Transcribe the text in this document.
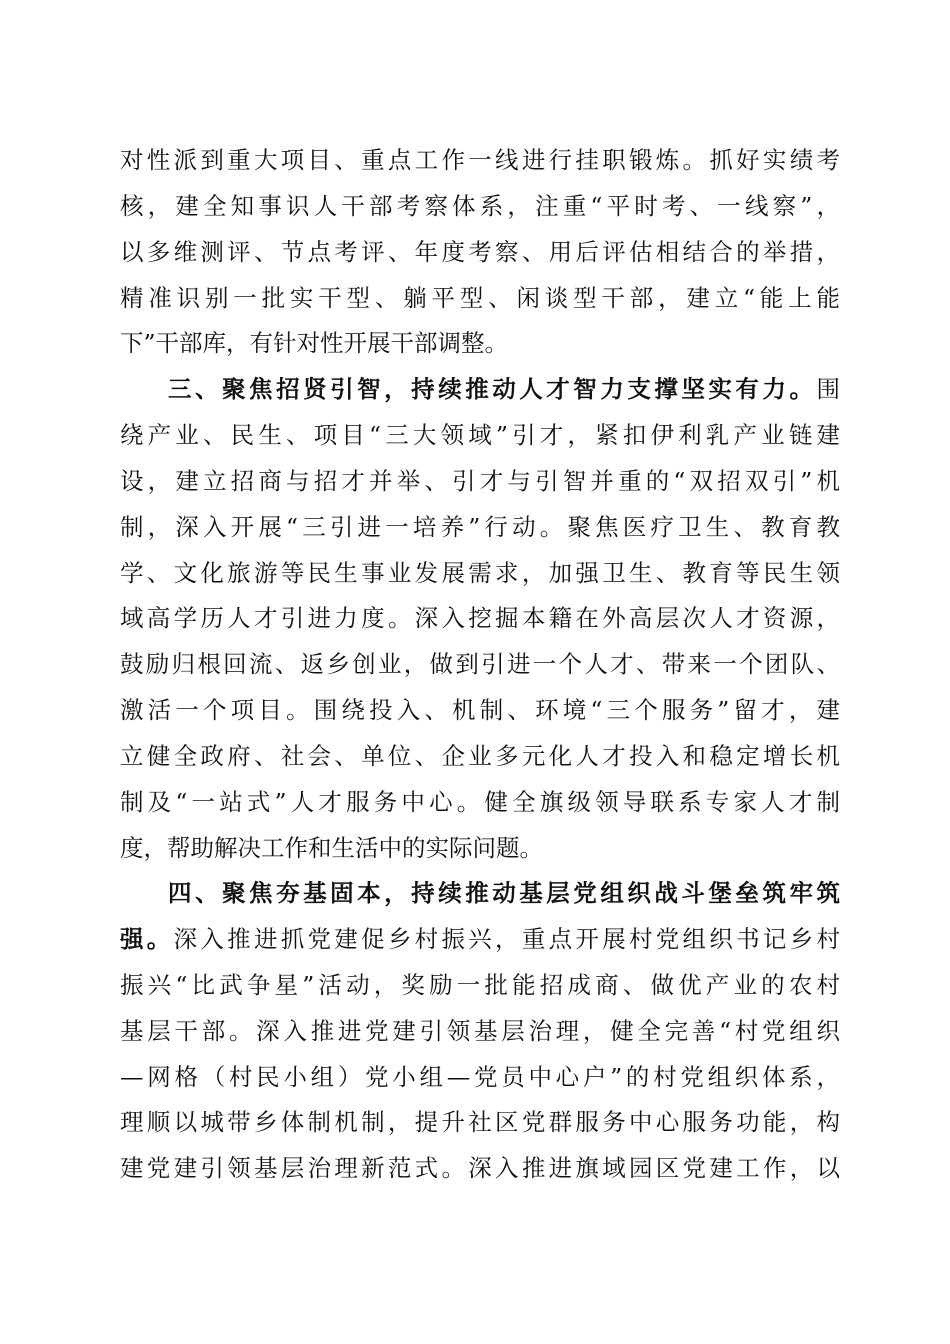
对性派到重大项目、重点工作一线进行挂职锻炼。抓好实绩考

核，建全知事识人干部考察体系，注重“平时考、一线察”，

以多维测评、节点考评、年度考察、用后评估相结合的举措，

精准识别一批实干型、躺平型、闲谈型干部，建立“能上能

下”干部库，有针对性开展干部调整。

三、聚焦招贤引智，持续推动人才智力支撑坚实有力。围

绕产业、民生、项目“三大领域”引才，紧扣伊利乳产业链建

设，建立招商与招才并举、引才与引智并重的“双招双引”机

制，深入开展“三引进一培养”行动。聚焦医疗卫生、教育教

学、文化旅游等民生事业发展需求，加强卫生、教育等民生领

域高学历人才引进力度。深入挖掘本籍在外高层次人才资源，

鼓励归根回流、返乡创业，做到引进一个人才、带来一个团队、

激活一个项目。围绕投入、机制、环境“三个服务”留才，建

立健全政府、社会、单位、企业多元化人才投入和稳定增长机

制及“一站式”人才服务中心。健全旗级领导联系专家人才制

度，帮助解决工作和生活中的实际问题。

四、聚焦夯基固本，持续推动基层党组织战斗堡垒筑牢筑

强。深入推进抓党建促乡村振兴，重点开展村党组织书记乡村

振兴“比武争星”活动，奖励一批能招成商、做优产业的农村

基层干部。深入推进党建引领基层治理，健全完善“村党组织

—网格（村民小组）党小组—党员中心户”的村党组织体系，

理顺以城带乡体制机制，提升社区党群服务中心服务功能，构

建党建引领基层治理新范式。深入推进旗域园区党建工作，以
